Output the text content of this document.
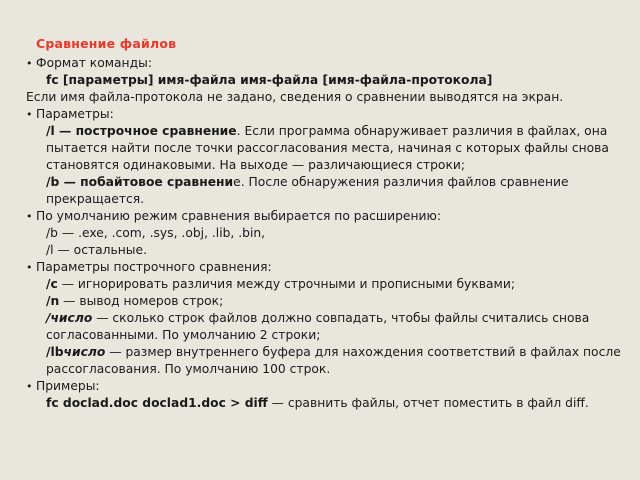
Сравнение файлов
• Формат команды:
fc [параметры] имя-файла имя-файла [имя-файла-протокола]
Если имя файла-протокола не задано, сведения о сравнении выводятся на экран.
• Параметры:
/l — построчное сравнение. Если программа обнаруживает различия в файлах, она пытается найти после точки рассогласования места, начиная с которых файлы снова становятся одинаковыми. На выходе — различающиеся строки;
/b — побайтовое сравнение. После обнаружения различия файлов сравнение прекращается.
• По умолчанию режим сравнения выбирается по расширению:
/b — .exe, .com, .sys, .obj, .lib, .bin,
/l — остальные.
• Параметры построчного сравнения:
/c — игнорировать различия между строчными и прописными буквами;
/n — вывод номеров строк;
/число — сколько строк файлов должно совпадать, чтобы файлы считались снова согласованными. По умолчанию 2 строки;
/lbчисло — размер внутреннего буфера для нахождения соответствий в файлах после рассогласования. По умолчанию 100 строк.
• Примеры:
fc doclad.doc doclad1.doc > diff — сравнить файлы, отчет поместить в файл diff.
